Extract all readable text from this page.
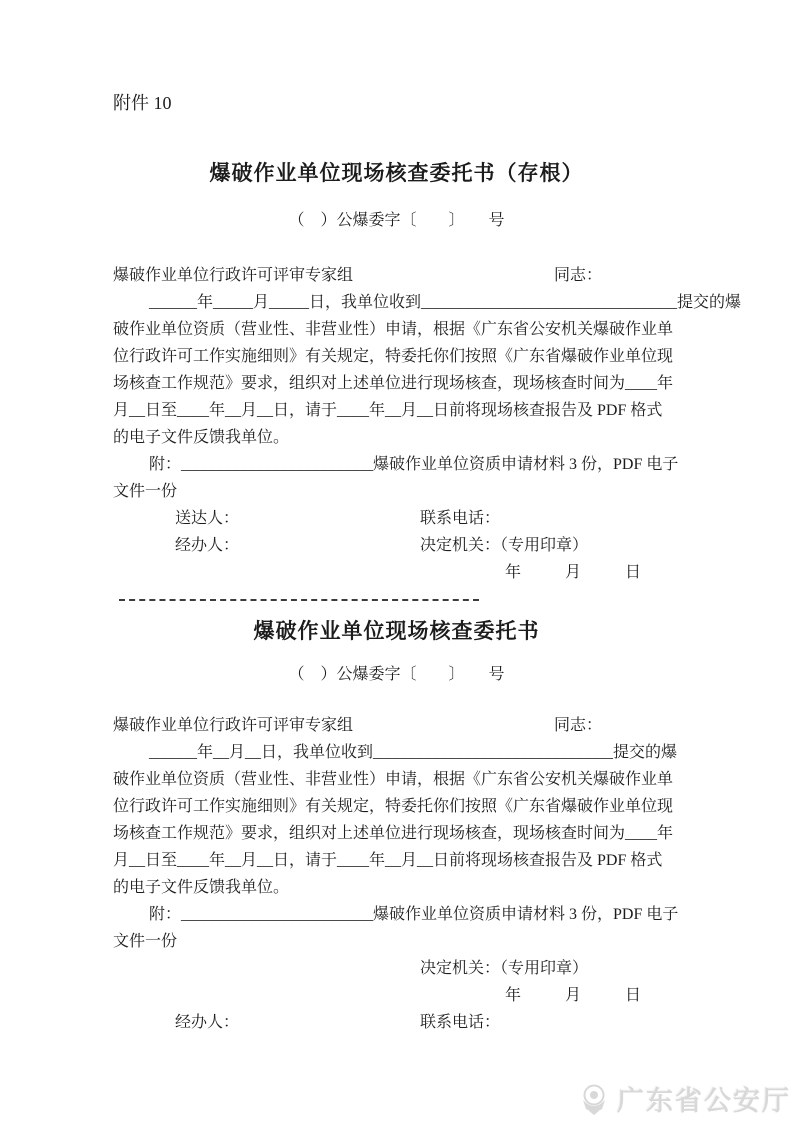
附件 10
爆破作业单位现场核查委托书（存根）
（　）公爆委字〔　　〕　　号
爆破作业单位行政许可评审专家组	同志：
______年_____月_____日，我单位收到________________________________提交的爆
破作业单位资质（营业性、非营业性）申请，根据《广东省公安机关爆破作业单
位行政许可工作实施细则》有关规定，特委托你们按照《广东省爆破作业单位现
场核查工作规范》要求，组织对上述单位进行现场核查，现场核查时间为____年
月__日至____年__月__日，请于____年__月__日前将现场核查报告及 PDF 格式
的电子文件反馈我单位。
附：________________________爆破作业单位资质申请材料 3 份，PDF 电子
文件一份
送达人：	联系电话：
经办人：	决定机关：（专用印章）
年　　月　　日
爆破作业单位现场核查委托书
（　）公爆委字〔　　〕　　号
爆破作业单位行政许可评审专家组	同志：
______年__月__日，我单位收到______________________________提交的爆
破作业单位资质（营业性、非营业性）申请，根据《广东省公安机关爆破作业单
位行政许可工作实施细则》有关规定，特委托你们按照《广东省爆破作业单位现
场核查工作规范》要求，组织对上述单位进行现场核查，现场核查时间为____年
月__日至____年__月__日，请于____年__月__日前将现场核查报告及 PDF 格式
的电子文件反馈我单位。
附：________________________爆破作业单位资质申请材料 3 份，PDF 电子
文件一份
决定机关：（专用印章）
年　　月　　日
经办人：	联系电话：
广东省公安厅
